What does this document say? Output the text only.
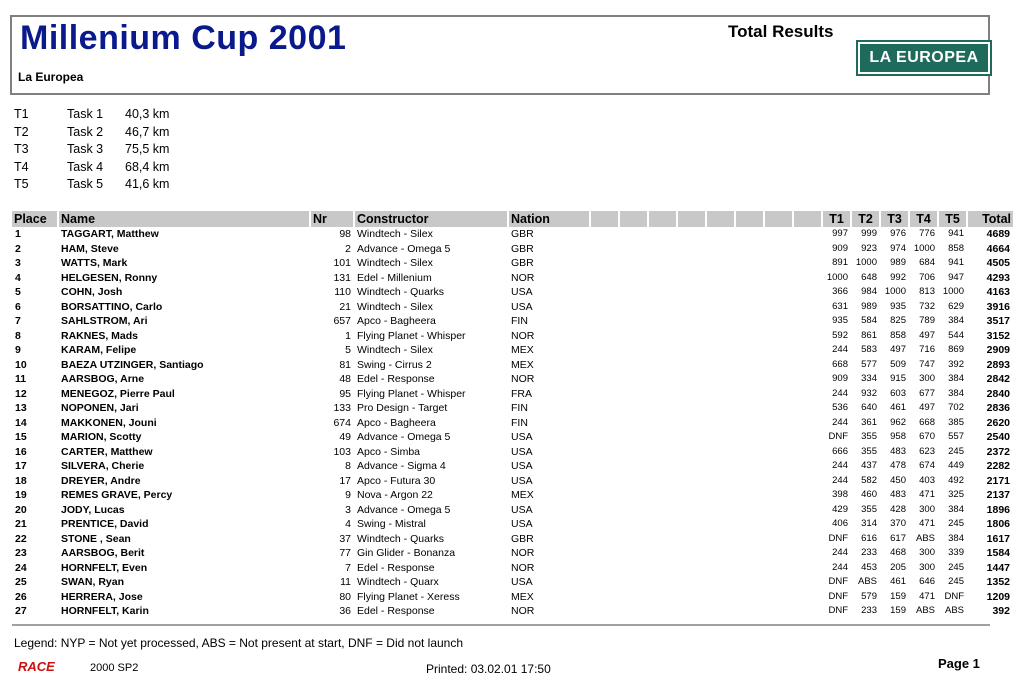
Millenium Cup 2001
La Europea
Total Results
LA EUROPEA
T1	Task 1 40,3 km
T2	Task 2 46,7 km
T3	Task 3 75,5 km
T4	Task 4 68,4 km
T5	Task 5 41,6 km
Place	Name	Nr	Constructor	Nation									T1	T2	T3	T4	T5	Total
1	TAGGART, Matthew	98	Windtech - Silex	GBR									997	999	976	776	941	4689
2	HAM, Steve	2	Advance - Omega 5	GBR									909	923	974	1000	858	4664
3	WATTS, Mark	101	Windtech - Silex	GBR									891	1000	989	684	941	4505
4	HELGESEN, Ronny	131	Edel - Millenium	NOR									1000	648	992	706	947	4293
5	COHN, Josh	110	Windtech - Quarks	USA									366	984	1000	813	1000	4163
6	BORSATTINO, Carlo	21	Windtech - Silex	USA									631	989	935	732	629	3916
7	SAHLSTROM, Ari	657	Apco - Bagheera	FIN									935	584	825	789	384	3517
8	RAKNES, Mads	1	Flying Planet - Whisper	NOR									592	861	858	497	544	3152
9	KARAM, Felipe	5	Windtech - Silex	MEX									244	583	497	716	869	2909
10	BAEZA UTZINGER, Santiago	81	Swing - Cirrus 2	MEX									668	577	509	747	392	2893
11	AARSBOG, Arne	48	Edel - Response	NOR									909	334	915	300	384	2842
12	MENEGOZ, Pierre Paul	95	Flying Planet - Whisper	FRA									244	932	603	677	384	2840
13	NOPONEN, Jari	133	Pro Design - Target	FIN									536	640	461	497	702	2836
14	MAKKONEN, Jouni	674	Apco - Bagheera	FIN									244	361	962	668	385	2620
15	MARION, Scotty	49	Advance - Omega 5	USA									DNF	355	958	670	557	2540
16	CARTER, Matthew	103	Apco - Simba	USA									666	355	483	623	245	2372
17	SILVERA, Cherie	8	Advance - Sigma 4	USA									244	437	478	674	449	2282
18	DREYER, Andre	17	Apco - Futura 30	USA									244	582	450	403	492	2171
19	REMES GRAVE, Percy	9	Nova - Argon 22	MEX									398	460	483	471	325	2137
20	JODY, Lucas	3	Advance - Omega 5	USA									429	355	428	300	384	1896
21	PRENTICE, David	4	Swing - Mistral	USA									406	314	370	471	245	1806
22	STONE , Sean	37	Windtech - Quarks	GBR									DNF	616	617	ABS	384	1617
23	AARSBOG, Berit	77	Gin Glider - Bonanza	NOR									244	233	468	300	339	1584
24	HORNFELT, Even	7	Edel - Response	NOR									244	453	205	300	245	1447
25	SWAN, Ryan	11	Windtech - Quarx	USA									DNF	ABS	461	646	245	1352
26	HERRERA, Jose	80	Flying Planet - Xeress	MEX									DNF	579	159	471	DNF	1209
27	HORNFELT, Karin	36	Edel - Response	NOR									DNF	233	159	ABS	ABS	392
Legend: NYP = Not yet processed, ABS = Not present at start, DNF = Did not launch
RACE	2000 SP2	Printed: 03.02.01 17:50	Page 1
